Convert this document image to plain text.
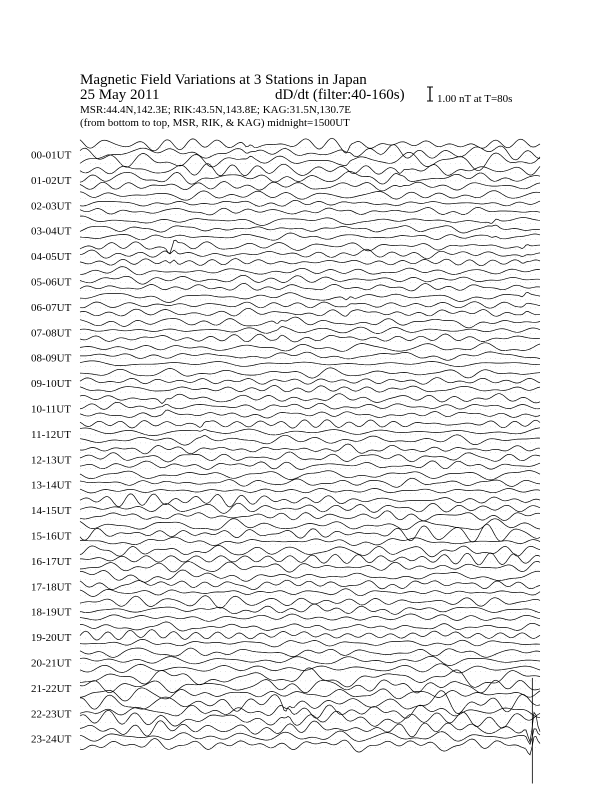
Magnetic Field Variations at 3 Stations in Japan
25 May 2011	dD/dt (filter:40-160s)
MSR:44.4N,142.3E; RIK:43.5N,143.8E; KAG:31.5N,130.7E
(from bottom to top, MSR, RIK, & KAG) midnight=1500UT
1.00 nT at T=80s
00-01UT
01-02UT
02-03UT
03-04UT
04-05UT
05-06UT
06-07UT
07-08UT
08-09UT
09-10UT
10-11UT
11-12UT
12-13UT
13-14UT
14-15UT
15-16UT
16-17UT
17-18UT
18-19UT
19-20UT
20-21UT
21-22UT
22-23UT
23-24UT
